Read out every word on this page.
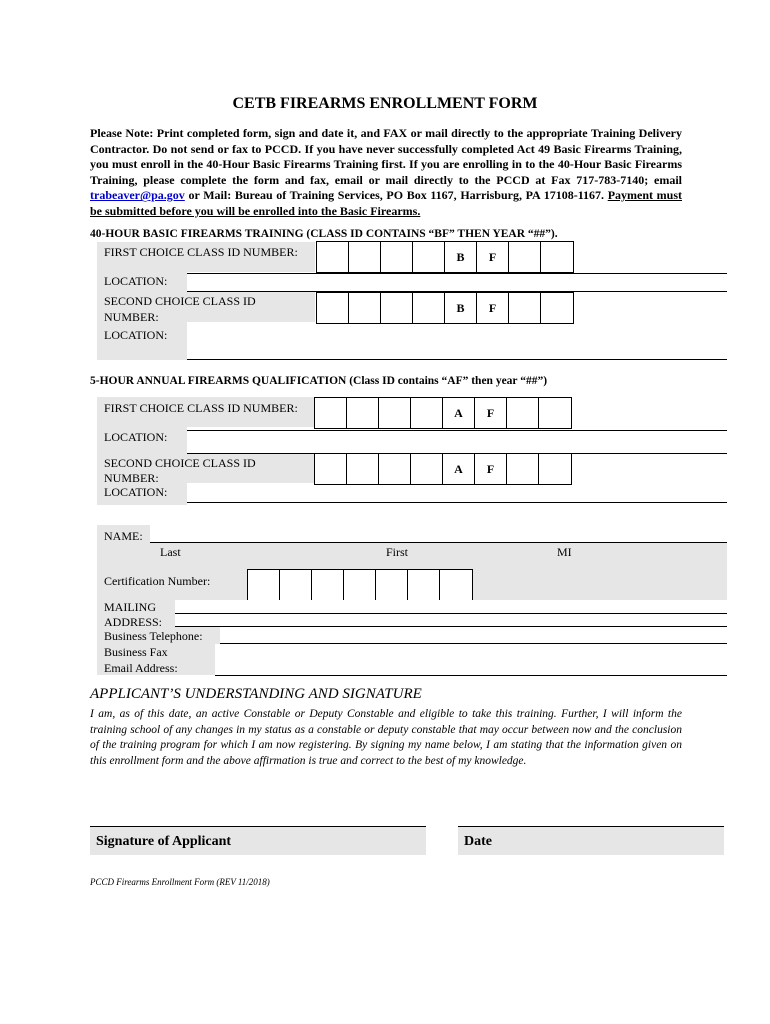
CETB FIREARMS ENROLLMENT FORM
Please Note: Print completed form, sign and date it, and FAX or mail directly to the appropriate Training Delivery Contractor. Do not send or fax to PCCD. If you have never successfully completed Act 49 Basic Firearms Training, you must enroll in the 40-Hour Basic Firearms Training first. If you are enrolling in to the 40-Hour Basic Firearms Training, please complete the form and fax, email or mail directly to the PCCD at Fax 717-783-7140; email trabeaver@pa.gov or Mail: Bureau of Training Services, PO Box 1167, Harrisburg, PA 17108-1167. Payment must be submitted before you will be enrolled into the Basic Firearms.
40-HOUR BASIC FIREARMS TRAINING (CLASS ID CONTAINS “BF” THEN YEAR “##”).
FIRST CHOICE CLASS ID NUMBER:	B	F
LOCATION:
SECOND CHOICE CLASS ID
NUMBER:
B	F
LOCATION:
5-HOUR ANNUAL FIREARMS QUALIFICATION (Class ID contains “AF” then year “##”)
FIRST CHOICE CLASS ID NUMBER:	A	F
LOCATION:
SECOND CHOICE CLASS ID
NUMBER:
A	F
LOCATION:
NAME:
Last	First	MI
Certification Number:
MAILING
ADDRESS:
Business Telephone:
Business Fax
Email Address:
APPLICANT’S UNDERSTANDING AND SIGNATURE
I am, as of this date, an active Constable or Deputy Constable and eligible to take this training. Further, I will inform the training school of any changes in my status as a constable or deputy constable that may occur between now and the conclusion of the training program for which I am now registering. By signing my name below, I am stating that the information given on this enrollment form and the above affirmation is true and correct to the best of my knowledge.
Signature of Applicant	Date
PCCD Firearms Enrollment Form (REV 11/2018)
